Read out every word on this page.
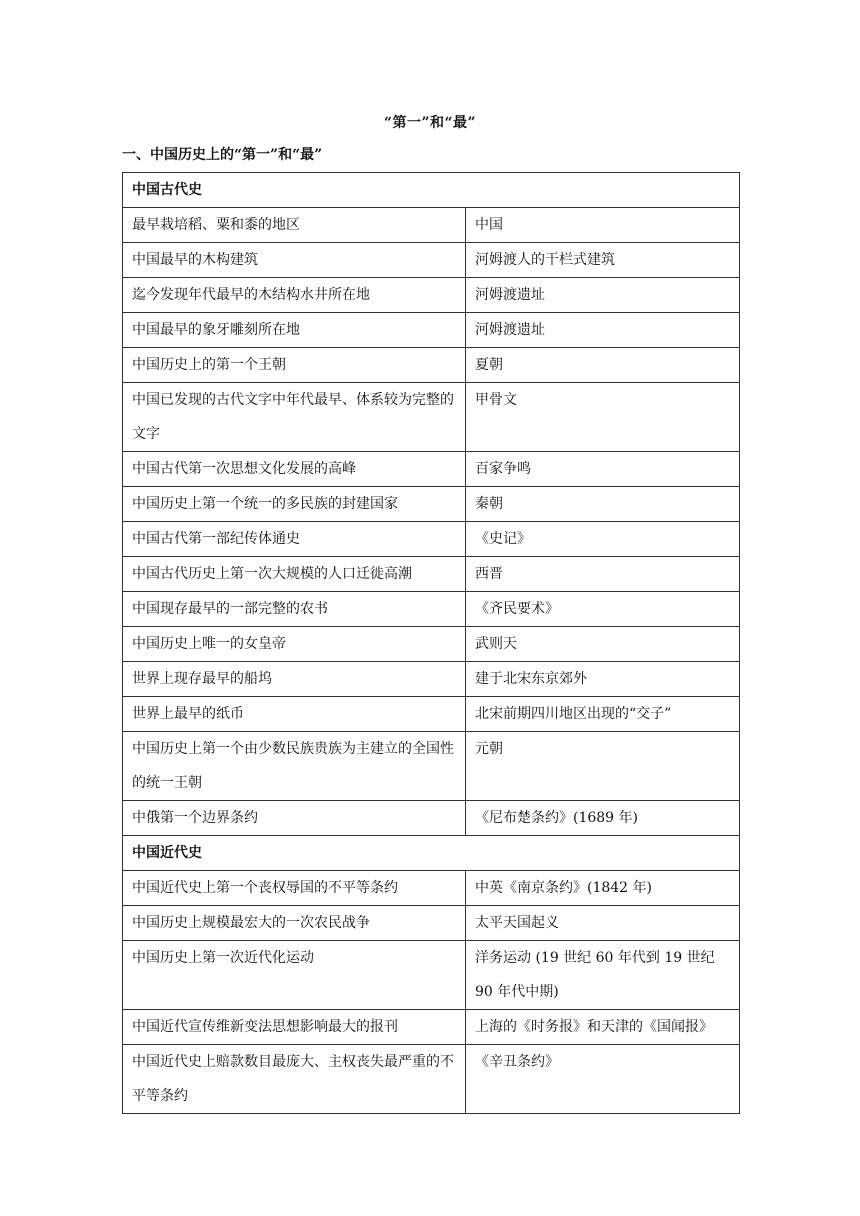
“第一”和“最”
一、中国历史上的“第一”和“最”
中国古代史	
最早栽培稻、粟和黍的地区	中国
中国最早的木构建筑	河姆渡人的干栏式建筑
迄今发现年代最早的木结构水井所在地	河姆渡遗址
中国最早的象牙雕刻所在地	河姆渡遗址
中国历史上的第一个王朝	夏朝
中国已发现的古代文字中年代最早、体系较为完整的文字	甲骨文
中国古代第一次思想文化发展的高峰	百家争鸣
中国历史上第一个统一的多民族的封建国家	秦朝
中国古代第一部纪传体通史	《史记》
中国古代历史上第一次大规模的人口迁徙高潮	西晋
中国现存最早的一部完整的农书	《齐民要术》
中国历史上唯一的女皇帝	武则天
世界上现存最早的船坞	建于北宋东京郊外
世界上最早的纸币	北宋前期四川地区出现的“交子”
中国历史上第一个由少数民族贵族为主建立的全国性的统一王朝	元朝
中俄第一个边界条约	《尼布楚条约》(1689 年)
中国近代史	
中国近代史上第一个丧权辱国的不平等条约	中英《南京条约》(1842 年)
中国历史上规模最宏大的一次农民战争	太平天国起义
中国历史上第一次近代化运动	洋务运动 (19 世纪 60 年代到 19 世纪 90 年代中期)
中国近代宣传维新变法思想影响最大的报刊	上海的《时务报》和天津的《国闻报》
中国近代史上赔款数目最庞大、主权丧失最严重的不平等条约	《辛丑条约》
